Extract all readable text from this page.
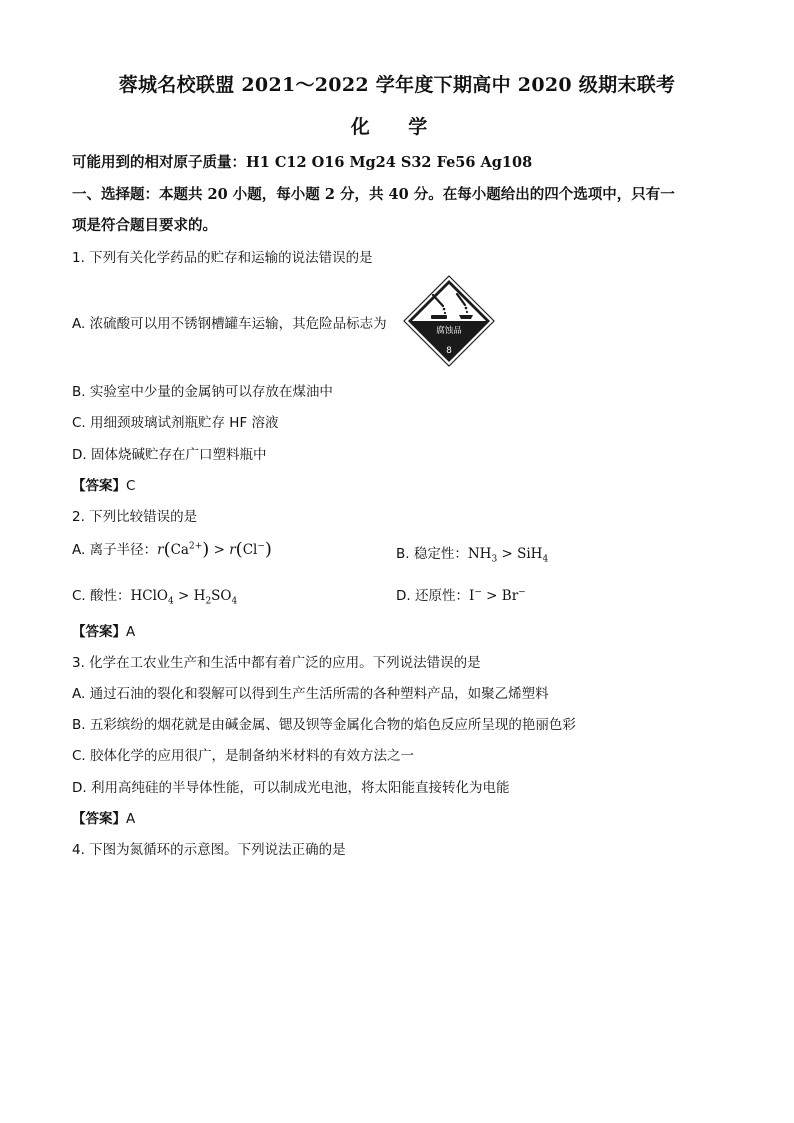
蓉城名校联盟 2021～2022 学年度下期高中 2020 级期末联考
化 学
可能用到的相对原子质量：H1 C12 O16 Mg24 S32 Fe56 Ag108
一、选择题：本题共 20 小题，每小题 2 分，共 40 分。在每小题给出的四个选项中，只有一
项是符合题目要求的。
1. 下列有关化学药品的贮存和运输的说法错误的是
A. 浓硫酸可以用不锈钢槽罐车运输，其危险品标志为	腐蚀品
8
B. 实验室中少量的金属钠可以存放在煤油中
C. 用细颈玻璃试剂瓶贮存 HF 溶液
D. 固体烧碱贮存在广口塑料瓶中
【答案】C
2. 下列比较错误的是
A. 离子半径：$r(Ca^{2+}) > r(Cl^-)$	B. 稳定性：$NH_3 > SiH_4$
C. 酸性：HClO$_4$ > $H_2SO_4$	D. 还原性：I− > Br−
【答案】A
3. 化学在工农业生产和生活中都有着广泛的应用。下列说法错误的是
A. 通过石油的裂化和裂解可以得到生产生活所需的各种塑料产品，如聚乙烯塑料
B. 五彩缤纷的烟花就是由碱金属、锶及钡等金属化合物的焰色反应所呈现的艳丽色彩
C. 胶体化学的应用很广，是制备纳米材料的有效方法之一
D. 利用高纯硅的半导体性能，可以制成光电池，将太阳能直接转化为电能
【答案】A
4. 下图为氮循环的示意图。下列说法正确的是
